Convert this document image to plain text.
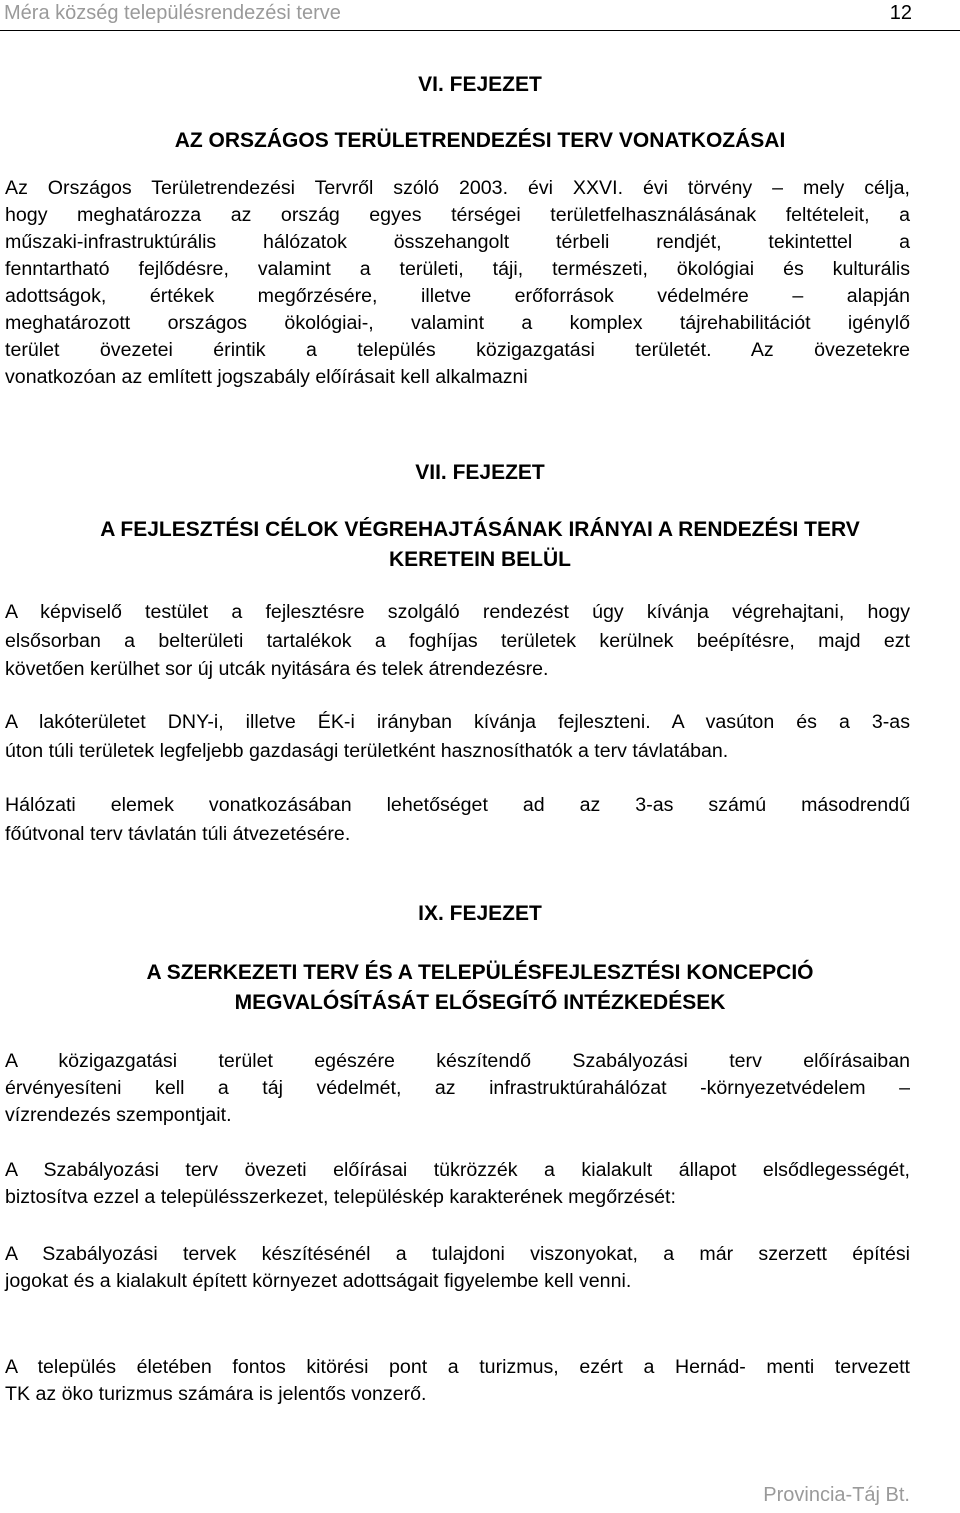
Méra község településrendezési terve	12
VI. FEJEZET
AZ ORSZÁGOS TERÜLETRENDEZÉSI TERV VONATKOZÁSAI
Az Országos Területrendezési Tervről szóló 2003. évi XXVI. évi törvény – mely célja,
hogy meghatározza az ország egyes térségei területfelhasználásának feltételeit, a
műszaki-infrastruktúrális hálózatok összehangolt térbeli rendjét, tekintettel a
fenntartható fejlődésre, valamint a területi, táji, természeti, ökológiai és kulturális
adottságok, értékek megőrzésére, illetve erőforrások védelmére – alapján
meghatározott országos ökológiai-, valamint a komplex tájrehabilitációt igénylő
terület övezetei érintik a település közigazgatási területét. Az övezetekre
vonatkozóan az említett jogszabály előírásait kell alkalmazni
VII. FEJEZET
A FEJLESZTÉSI CÉLOK VÉGREHAJTÁSÁNAK IRÁNYAI A RENDEZÉSI TERV
KERETEIN BELÜL
A képviselő testület a fejlesztésre szolgáló rendezést úgy kívánja végrehajtani, hogy
elsősorban a belterületi tartalékok a foghíjas területek kerülnek beépítésre, majd ezt
követően kerülhet sor új utcák nyitására és telek átrendezésre.
A lakóterületet DNY-i, illetve ÉK-i irányban kívánja fejleszteni. A vasúton és a 3-as
úton túli területek legfeljebb gazdasági területként hasznosíthatók a terv távlatában.
Hálózati elemek vonatkozásában lehetőséget ad az 3-as számú másodrendű
főútvonal terv távlatán túli átvezetésére.
IX. FEJEZET
A SZERKEZETI TERV ÉS A TELEPÜLÉSFEJLESZTÉSI KONCEPCIÓ
MEGVALÓSÍTÁSÁT ELŐSEGÍTŐ INTÉZKEDÉSEK
A közigazgatási terület egészére készítendő Szabályozási terv előírásaiban
érvényesíteni kell a táj védelmét, az infrastruktúrahálózat -környezetvédelem –
vízrendezés szempontjait.
A Szabályozási terv övezeti előírásai tükrözzék a kialakult állapot elsődlegességét,
biztosítva ezzel a településszerkezet, településkép karakterének megőrzését:
A Szabályozási tervek készítésénél a tulajdoni viszonyokat, a már szerzett építési
jogokat és a kialakult épített környezet adottságait figyelembe kell venni.
A település életében fontos kitörési pont a turizmus, ezért a Hernád- menti tervezett
TK az öko turizmus számára is jelentős vonzerő.
Provincia-Táj Bt.
